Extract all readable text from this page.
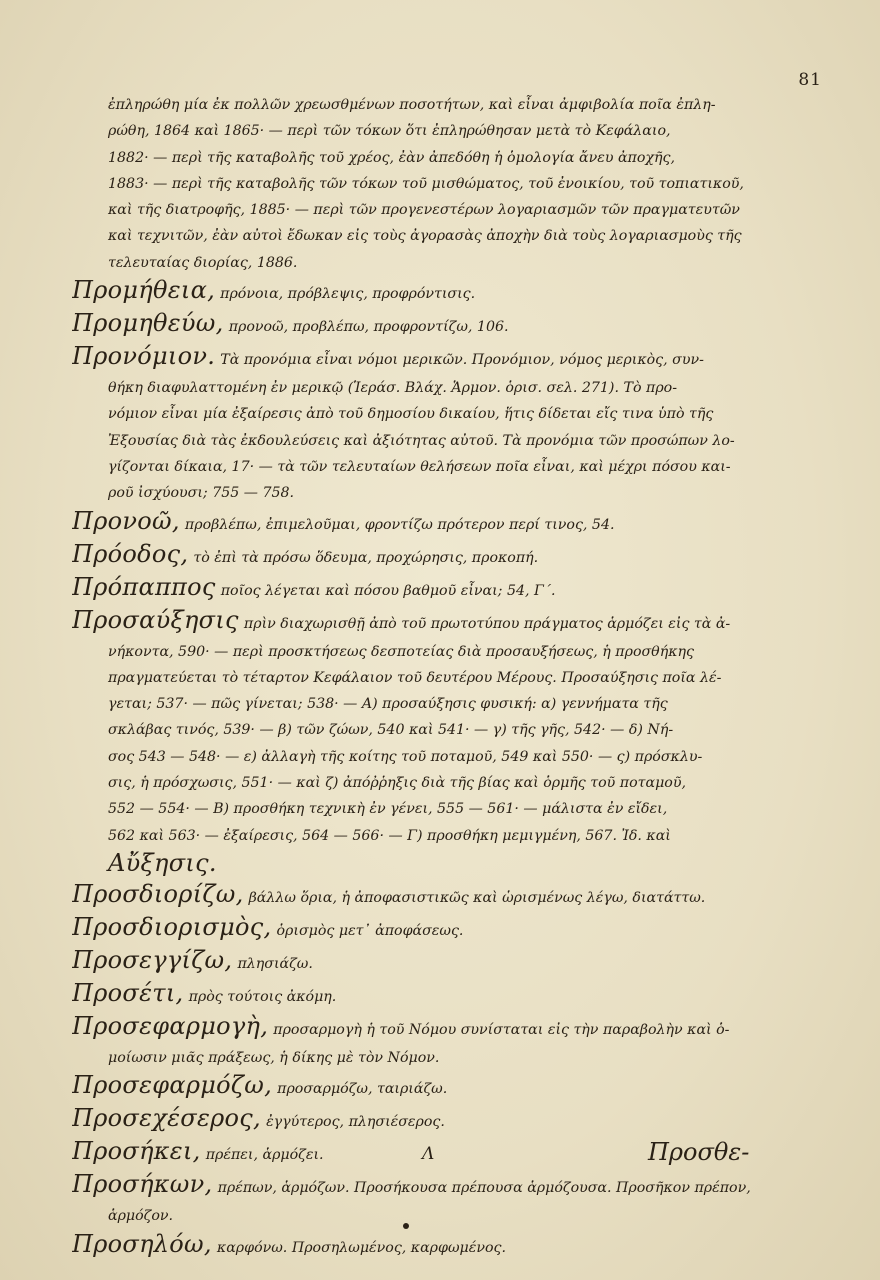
81
ἐπληρώθη μία ἐκ πολλῶν χρεωσθμένων ποσοτήτων, καὶ εἶναι ἀμφιβολία ποῖα ἐπλη-
ρώθη, 1864 καὶ 1865· — περὶ τῶν τόκων ὅτι ἐπληρώθησαν μετὰ τὸ Κεφάλαιο,
1882· — περὶ τῆς καταβολῆς τοῦ χρέος, ἐὰν ἀπεδόθη ἡ ὁμολογία ἄνευ ἀποχῆς,
1883· — περὶ τῆς καταβολῆς τῶν τόκων τοῦ μισθώματος, τοῦ ἐνοικίου, τοῦ τοπιατικοῦ,
καὶ τῆς διατροφῆς, 1885· — περὶ τῶν προγενεστέρων λογαριασμῶν τῶν πραγματευτῶν
καὶ τεχνιτῶν, ἐὰν αὐτοὶ ἔδωκαν εἰς τοὺς ἀγορασὰς ἀποχὴν διὰ τοὺς λογαριασμοὺς τῆς
τελευταίας διορίας, 1886.
Προμήθεια, πρόνοια, πρόβλεψις, προφρόντισις.
Προμηθεύω, προνοῶ, προβλέπω, προφροντίζω, 106.
Προνόμιον. Τὰ προνόμια εἶναι νόμοι μερικῶν. Προνόμιον, νόμος μερικὸς, συν-
θήκη διαφυλαττομένη ἐν μερικῷ (Ἱεράσ. Βλάχ. Ἁρμον. ὁρισ. σελ. 271). Τὸ προ-
νόμιον εἶναι μία ἐξαίρεσις ἀπὸ τοῦ δημοσίου δικαίου, ἥτις δίδεται εἴς τινα ὑπὸ τῆς
Ἐξουσίας διὰ τὰς ἐκδουλεύσεις καὶ ἀξιότητας αὐτοῦ. Τὰ προνόμια τῶν προσώπων λο-
γίζονται δίκαια, 17· — τὰ τῶν τελευταίων θελήσεων ποῖα εἶναι, καὶ μέχρι πόσου και-
ροῦ ἰσχύουσι; 755 — 758.
Προνοῶ, προβλέπω, ἐπιμελοῦμαι, φροντίζω πρότερον περί τινος, 54.
Πρόοδος, τὸ ἐπὶ τὰ πρόσω ὅδευμα, προχώρησις, προκοπή.
Πρόπαππος ποῖος λέγεται καὶ πόσου βαθμοῦ εἶναι; 54, Γ΄.
Προσαύξησις πρὶν διαχωρισθῇ ἀπὸ τοῦ πρωτοτύπου πράγματος ἁρμόζει εἰς τὰ ἀ-
νήκοντα, 590· — περὶ προσκτήσεως δεσποτείας διὰ προσαυξήσεως, ἡ προσθήκης
πραγματεύεται τὸ τέταρτον Κεφάλαιον τοῦ δευτέρου Μέρους. Προσαύξησις ποῖα λέ-
γεται; 537· — πῶς γίνεται; 538· — Α) προσαύξησις φυσική: α) γεννήματα τῆς
σκλάβας τινός, 539· — β) τῶν ζώων, 540 καὶ 541· — γ) τῆς γῆς, 542· — δ) Νή-
σος 543 — 548· — ε) ἀλλαγὴ τῆς κοίτης τοῦ ποταμοῦ, 549 καὶ 550· — ς) πρόσκλυ-
σις, ἡ πρόσχωσις, 551· — καὶ ζ) ἀπόῤῥηξις διὰ τῆς βίας καὶ ὁρμῆς τοῦ ποταμοῦ,
552 — 554· — Β) προσθήκη τεχνικὴ ἐν γένει, 555 — 561· — μάλιστα ἐν εἴδει,
562 καὶ 563· — ἐξαίρεσις, 564 — 566· — Γ) προσθήκη μεμιγμένη, 567. Ἰδ. καὶ
Αὔξησις.
Προσδιορίζω, βάλλω ὅρια, ἡ ἀποφασιστικῶς καὶ ὡρισμένως λέγω, διατάττω.
Προσδιορισμὸς, ὁρισμὸς μετ᾽ ἀποφάσεως.
Προσεγγίζω, πλησιάζω.
Προσέτι, πρὸς τούτοις ἀκόμη.
Προσεφαρμογὴ, προσαρμογὴ ἡ τοῦ Νόμου συνίσταται εἰς τὴν παραβολὴν καὶ ὁ-
μοίωσιν μιᾶς πράξεως, ἡ δίκης μὲ τὸν Νόμον.
Προσεφαρμόζω, προσαρμόζω, ταιριάζω.
Προσεχέσερος, ἐγγύτερος, πλησιέσερος.
Προσήκει, πρέπει, ἁρμόζει.
Προσήκων, πρέπων, ἁρμόζων. Προσήκουσα πρέπουσα ἁρμόζουσα. Προσῆκον πρέπον,
ἁρμόζον.
Προσηλόω, καρφόνω. Προσηλωμένος, καρφωμένος.
Λ	Προσθε-
